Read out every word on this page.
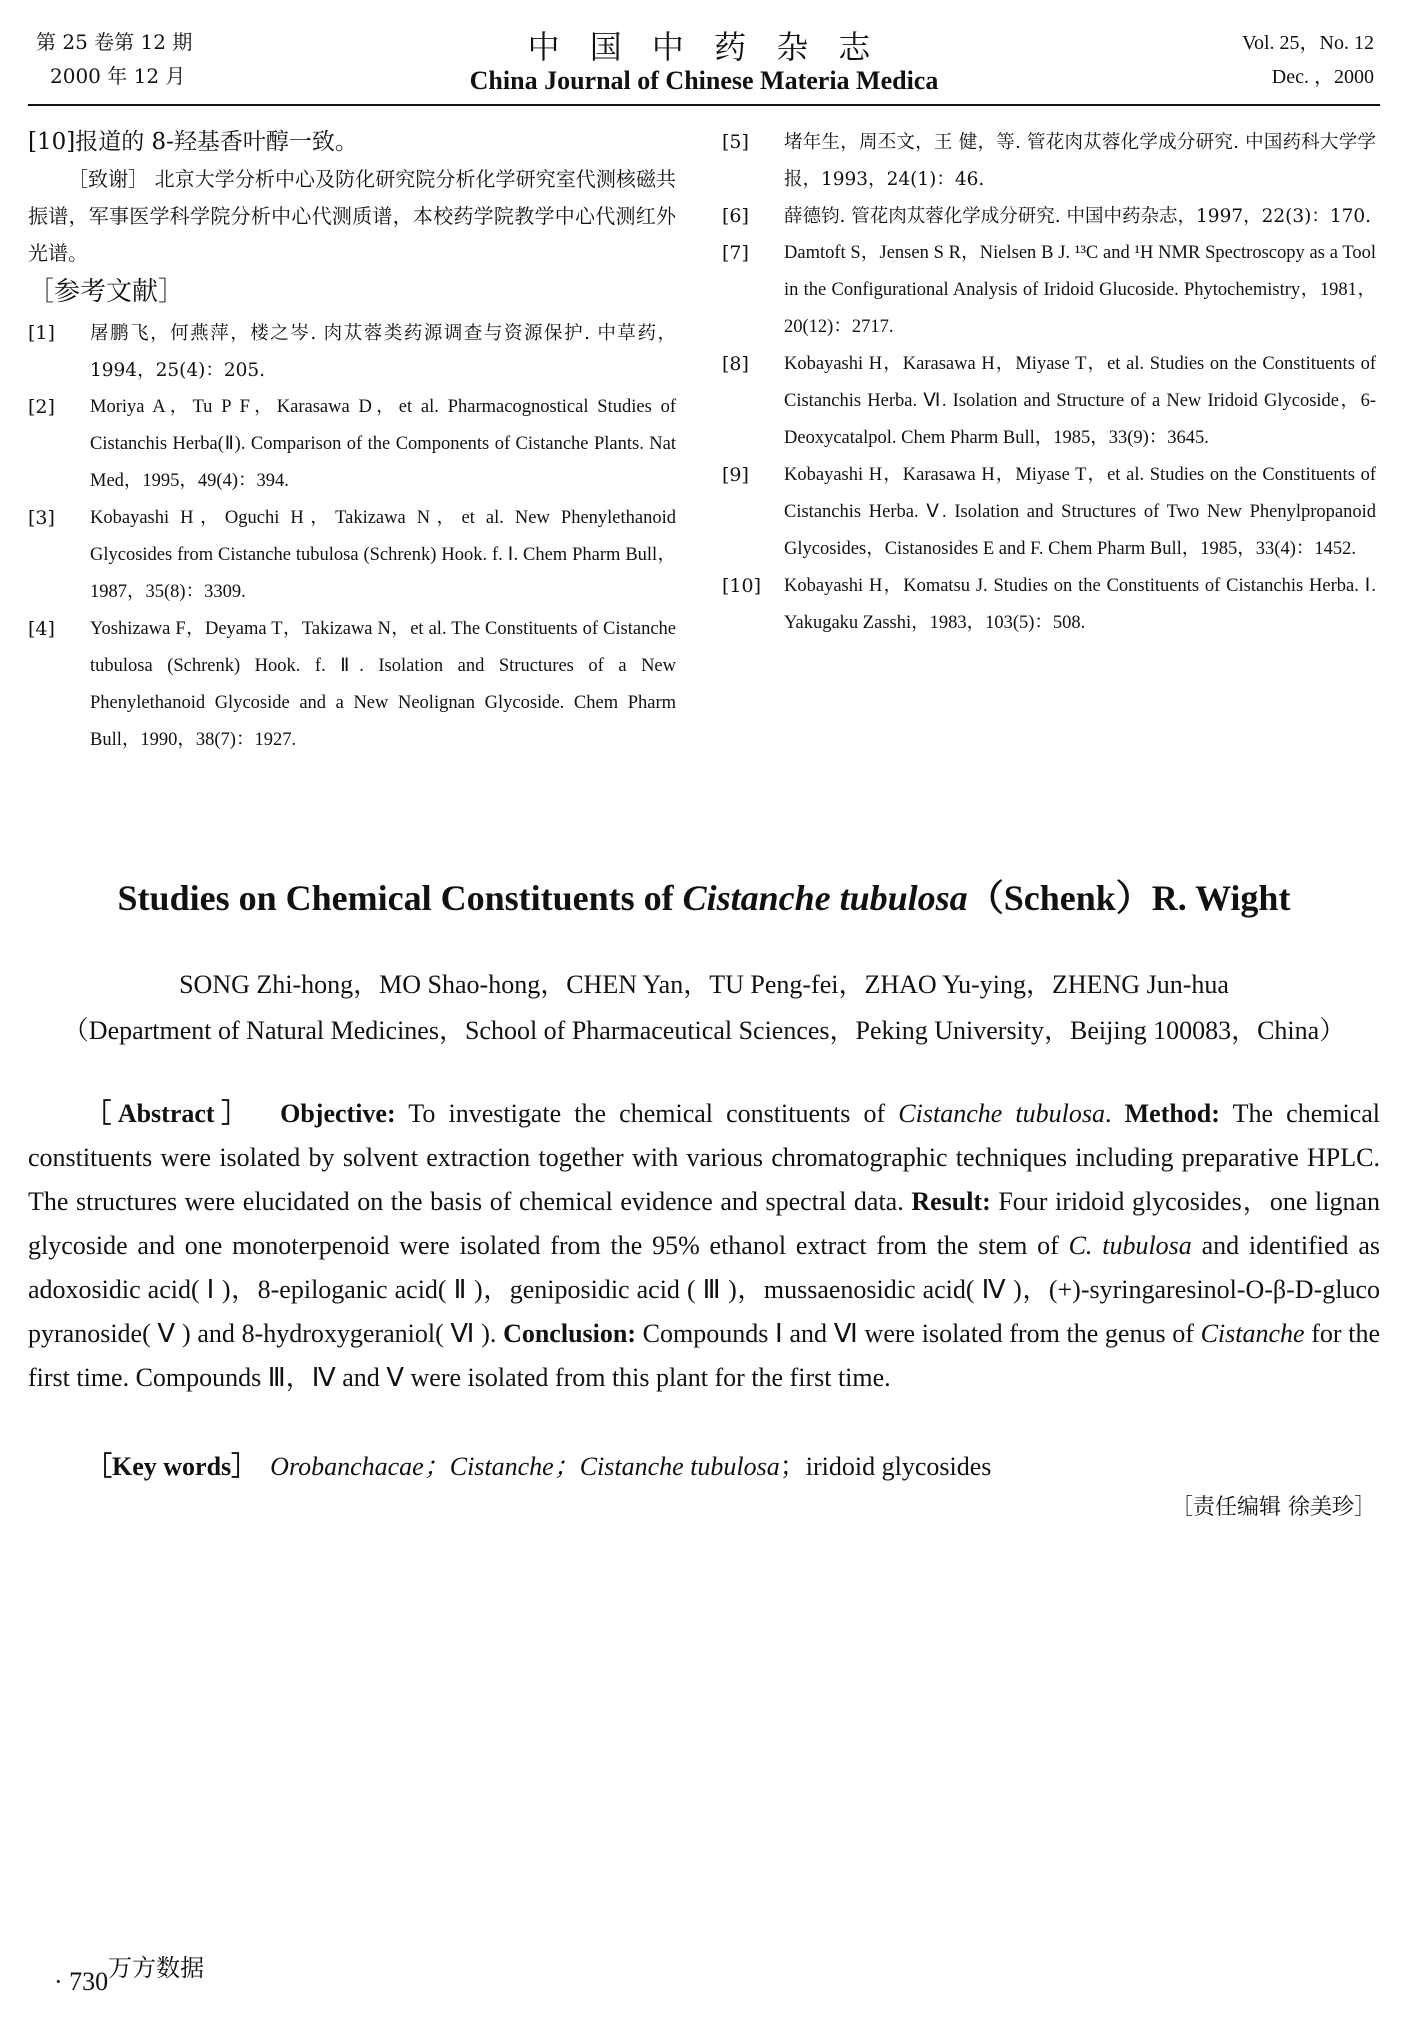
第 25 卷第 12 期
2000 年 12 月
中 国 中 药 杂 志
China Journal of Chinese Materia Medica
Vol. 25，No. 12
Dec. ，2000

[10]报道的 8-羟基香叶醇一致。

［致谢］ 北京大学分析中心及防化研究院分析化学研究室代测核磁共振谱，军事医学科学院分析中心代测质谱，本校药学院教学中心代测红外光谱。

［参考文献］

[1] 屠鹏飞，何燕萍，楼之岑. 肉苁蓉类药源调查与资源保护. 中草药，1994，25(4)：205.
[2] Moriya A，Tu P F，Karasawa D，et al. Pharmacognostical Studies of Cistanchis Herba(Ⅱ). Comparison of the Components of Cistanche Plants. Nat Med，1995，49(4)：394.
[3] Kobayashi H，Oguchi H，Takizawa N，et al. New Phenylethanoid Glycosides from Cistanche tubulosa (Schrenk) Hook. f. Ⅰ. Chem Pharm Bull，1987，35(8)：3309.
[4] Yoshizawa F，Deyama T，Takizawa N，et al. The Constituents of Cistanche tubulosa (Schrenk) Hook. f. Ⅱ. Isolation and Structures of a New Phenylethanoid Glycoside and a New Neolignan Glycoside. Chem Pharm Bull，1990，38(7)：1927.
[5] 堵年生，周丕文，王 健，等. 管花肉苁蓉化学成分研究. 中国药科大学学报，1993，24(1)：46.
[6] 薛德钧. 管花肉苁蓉化学成分研究. 中国中药杂志，1997，22(3)：170.
[7] Damtoft S，Jensen S R，Nielsen B J. ¹³C and ¹H NMR Spectroscopy as a Tool in the Configurational Analysis of Iridoid Glucoside. Phytochemistry，1981，20(12)：2717.
[8] Kobayashi H，Karasawa H，Miyase T，et al. Studies on the Constituents of Cistanchis Herba. Ⅵ. Isolation and Structure of a New Iridoid Glycoside，6-Deoxycatalpol. Chem Pharm Bull，1985，33(9)：3645.
[9] Kobayashi H，Karasawa H，Miyase T，et al. Studies on the Constituents of Cistanchis Herba. Ⅴ. Isolation and Structures of Two New Phenylpropanoid Glycosides，Cistanosides E and F. Chem Pharm Bull，1985，33(4)：1452.
[10] Kobayashi H，Komatsu J. Studies on the Constituents of Cistanchis Herba. Ⅰ. Yakugaku Zasshi，1983，103(5)：508.
Studies on Chemical Constituents of Cistanche tubulosa（Schenk）R. Wight
SONG Zhi-hong，MO Shao-hong，CHEN Yan，TU Peng-fei，ZHAO Yu-ying，ZHENG Jun-hua
（Department of Natural Medicines，School of Pharmaceutical Sciences，Peking University，Beijing 100083，China）

［Abstract］ Objective: To investigate the chemical constituents of Cistanche tubulosa. Method: The chemical constituents were isolated by solvent extraction together with various chromatographic techniques including preparative HPLC. The structures were elucidated on the basis of chemical evidence and spectral data. Result: Four iridoid glycosides，one lignan glycoside and one monoterpenoid were isolated from the 95% ethanol extract from the stem of C. tubulosa and identified as adoxosidic acid( Ⅰ )，8-epiloganic acid( Ⅱ )，geniposidic acid ( Ⅲ )，mussaenosidic acid( Ⅳ )，(+)-syringaresinol-O-β-D-gluco pyranoside( Ⅴ ) and 8-hydroxygeraniol( Ⅵ ). Conclusion: Compounds Ⅰ and Ⅵ were isolated from the genus of Cistanche for the first time. Compounds Ⅲ，Ⅳ and Ⅴ were isolated from this plant for the first time.

［Key words］ Orobanchacae；Cistanche；Cistanche tubulosa；iridoid glycosides
［责任编辑 徐美珍］
· 730万方数据
